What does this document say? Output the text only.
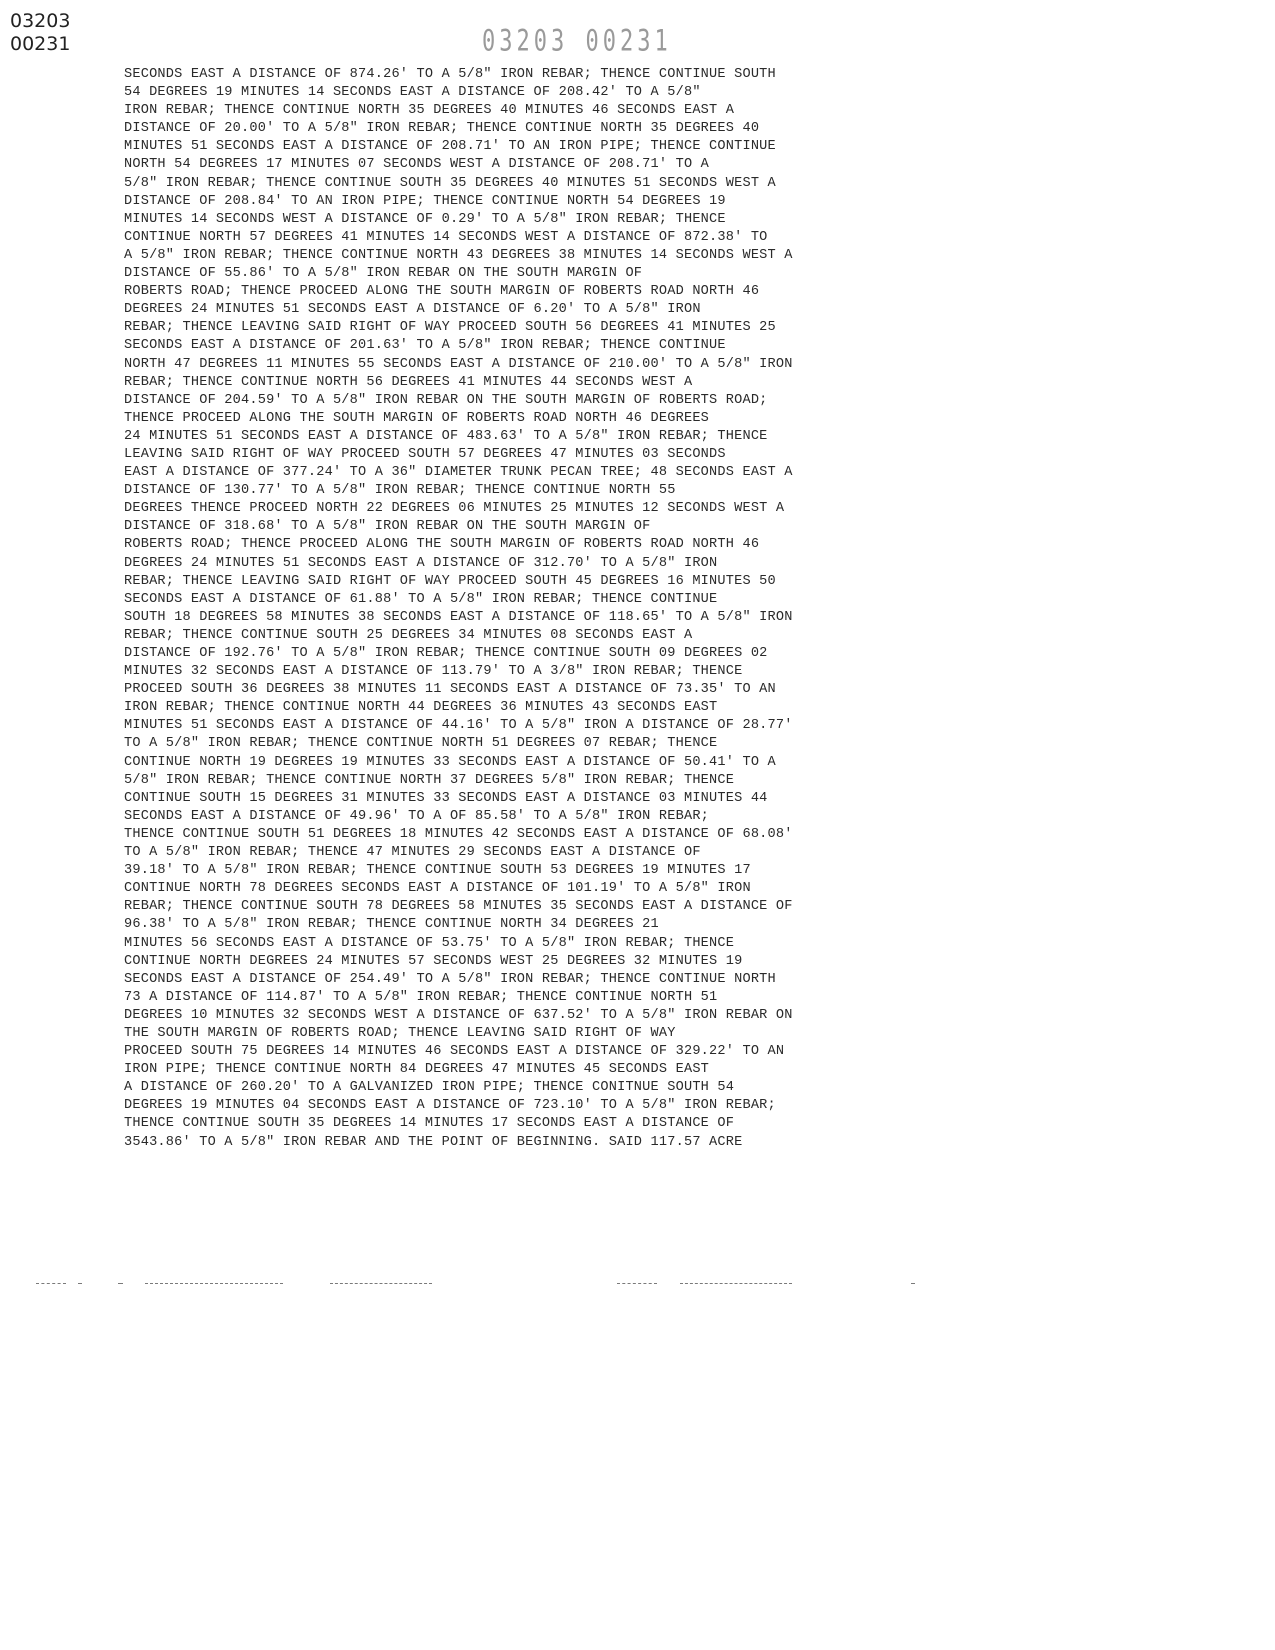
03203
00231	03203 00231
SECONDS EAST A DISTANCE OF 874.26' TO A 5/8" IRON REBAR; THENCE CONTINUE SOUTH
54 DEGREES 19 MINUTES 14 SECONDS EAST A DISTANCE OF 208.42' TO A 5/8"
IRON REBAR; THENCE CONTINUE NORTH 35 DEGREES 40 MINUTES 46 SECONDS EAST A
DISTANCE OF 20.00' TO A 5/8" IRON REBAR; THENCE CONTINUE NORTH 35 DEGREES 40
MINUTES 51 SECONDS EAST A DISTANCE OF 208.71' TO AN IRON PIPE; THENCE CONTINUE
NORTH 54 DEGREES 17 MINUTES 07 SECONDS WEST A DISTANCE OF 208.71' TO A
5/8" IRON REBAR; THENCE CONTINUE SOUTH 35 DEGREES 40 MINUTES 51 SECONDS WEST A
DISTANCE OF 208.84' TO AN IRON PIPE; THENCE CONTINUE NORTH 54 DEGREES 19
MINUTES 14 SECONDS WEST A DISTANCE OF 0.29' TO A 5/8" IRON REBAR; THENCE
CONTINUE NORTH 57 DEGREES 41 MINUTES 14 SECONDS WEST A DISTANCE OF 872.38' TO
A 5/8" IRON REBAR; THENCE CONTINUE NORTH 43 DEGREES 38 MINUTES 14 SECONDS WEST A
DISTANCE OF 55.86' TO A 5/8" IRON REBAR ON THE SOUTH MARGIN OF
ROBERTS ROAD; THENCE PROCEED ALONG THE SOUTH MARGIN OF ROBERTS ROAD NORTH 46
DEGREES 24 MINUTES 51 SECONDS EAST A DISTANCE OF 6.20' TO A 5/8" IRON
REBAR; THENCE LEAVING SAID RIGHT OF WAY PROCEED SOUTH 56 DEGREES 41 MINUTES 25
SECONDS EAST A DISTANCE OF 201.63' TO A 5/8" IRON REBAR; THENCE CONTINUE
NORTH 47 DEGREES 11 MINUTES 55 SECONDS EAST A DISTANCE OF 210.00' TO A 5/8" IRON
REBAR; THENCE CONTINUE NORTH 56 DEGREES 41 MINUTES 44 SECONDS WEST A
DISTANCE OF 204.59' TO A 5/8" IRON REBAR ON THE SOUTH MARGIN OF ROBERTS ROAD;
THENCE PROCEED ALONG THE SOUTH MARGIN OF ROBERTS ROAD NORTH 46 DEGREES
24 MINUTES 51 SECONDS EAST A DISTANCE OF 483.63' TO A 5/8" IRON REBAR; THENCE
LEAVING SAID RIGHT OF WAY PROCEED SOUTH 57 DEGREES 47 MINUTES 03 SECONDS
EAST A DISTANCE OF 377.24' TO A 36" DIAMETER TRUNK PECAN TREE; 48 SECONDS EAST A
DISTANCE OF 130.77' TO A 5/8" IRON REBAR; THENCE CONTINUE NORTH 55
DEGREES THENCE PROCEED NORTH 22 DEGREES 06 MINUTES 25 MINUTES 12 SECONDS WEST A
DISTANCE OF 318.68' TO A 5/8" IRON REBAR ON THE SOUTH MARGIN OF
ROBERTS ROAD; THENCE PROCEED ALONG THE SOUTH MARGIN OF ROBERTS ROAD NORTH 46
DEGREES 24 MINUTES 51 SECONDS EAST A DISTANCE OF 312.70' TO A 5/8" IRON
REBAR; THENCE LEAVING SAID RIGHT OF WAY PROCEED SOUTH 45 DEGREES 16 MINUTES 50
SECONDS EAST A DISTANCE OF 61.88' TO A 5/8" IRON REBAR; THENCE CONTINUE
SOUTH 18 DEGREES 58 MINUTES 38 SECONDS EAST A DISTANCE OF 118.65' TO A 5/8" IRON
REBAR; THENCE CONTINUE SOUTH 25 DEGREES 34 MINUTES 08 SECONDS EAST A
DISTANCE OF 192.76' TO A 5/8" IRON REBAR; THENCE CONTINUE SOUTH 09 DEGREES 02
MINUTES 32 SECONDS EAST A DISTANCE OF 113.79' TO A 3/8" IRON REBAR; THENCE
PROCEED SOUTH 36 DEGREES 38 MINUTES 11 SECONDS EAST A DISTANCE OF 73.35' TO AN
IRON REBAR; THENCE CONTINUE NORTH 44 DEGREES 36 MINUTES 43 SECONDS EAST
MINUTES 51 SECONDS EAST A DISTANCE OF 44.16' TO A 5/8" IRON A DISTANCE OF 28.77'
TO A 5/8" IRON REBAR; THENCE CONTINUE NORTH 51 DEGREES 07 REBAR; THENCE
CONTINUE NORTH 19 DEGREES 19 MINUTES 33 SECONDS EAST A DISTANCE OF 50.41' TO A
5/8" IRON REBAR; THENCE CONTINUE NORTH 37 DEGREES 5/8" IRON REBAR; THENCE
CONTINUE SOUTH 15 DEGREES 31 MINUTES 33 SECONDS EAST A DISTANCE 03 MINUTES 44
SECONDS EAST A DISTANCE OF 49.96' TO A OF 85.58' TO A 5/8" IRON REBAR;
THENCE CONTINUE SOUTH 51 DEGREES 18 MINUTES 42 SECONDS EAST A DISTANCE OF 68.08'
TO A 5/8" IRON REBAR; THENCE 47 MINUTES 29 SECONDS EAST A DISTANCE OF
39.18' TO A 5/8" IRON REBAR; THENCE CONTINUE SOUTH 53 DEGREES 19 MINUTES 17
CONTINUE NORTH 78 DEGREES SECONDS EAST A DISTANCE OF 101.19' TO A 5/8" IRON
REBAR; THENCE CONTINUE SOUTH 78 DEGREES 58 MINUTES 35 SECONDS EAST A DISTANCE OF
96.38' TO A 5/8" IRON REBAR; THENCE CONTINUE NORTH 34 DEGREES 21
MINUTES 56 SECONDS EAST A DISTANCE OF 53.75' TO A 5/8" IRON REBAR; THENCE
CONTINUE NORTH DEGREES 24 MINUTES 57 SECONDS WEST 25 DEGREES 32 MINUTES 19
SECONDS EAST A DISTANCE OF 254.49' TO A 5/8" IRON REBAR; THENCE CONTINUE NORTH
73 A DISTANCE OF 114.87' TO A 5/8" IRON REBAR; THENCE CONTINUE NORTH 51
DEGREES 10 MINUTES 32 SECONDS WEST A DISTANCE OF 637.52' TO A 5/8" IRON REBAR ON
THE SOUTH MARGIN OF ROBERTS ROAD; THENCE LEAVING SAID RIGHT OF WAY
PROCEED SOUTH 75 DEGREES 14 MINUTES 46 SECONDS EAST A DISTANCE OF 329.22' TO AN
IRON PIPE; THENCE CONTINUE NORTH 84 DEGREES 47 MINUTES 45 SECONDS EAST
A DISTANCE OF 260.20' TO A GALVANIZED IRON PIPE; THENCE CONITNUE SOUTH 54
DEGREES 19 MINUTES 04 SECONDS EAST A DISTANCE OF 723.10' TO A 5/8" IRON REBAR;
THENCE CONTINUE SOUTH 35 DEGREES 14 MINUTES 17 SECONDS EAST A DISTANCE OF
3543.86' TO A 5/8" IRON REBAR AND THE POINT OF BEGINNING. SAID 117.57 ACRE
